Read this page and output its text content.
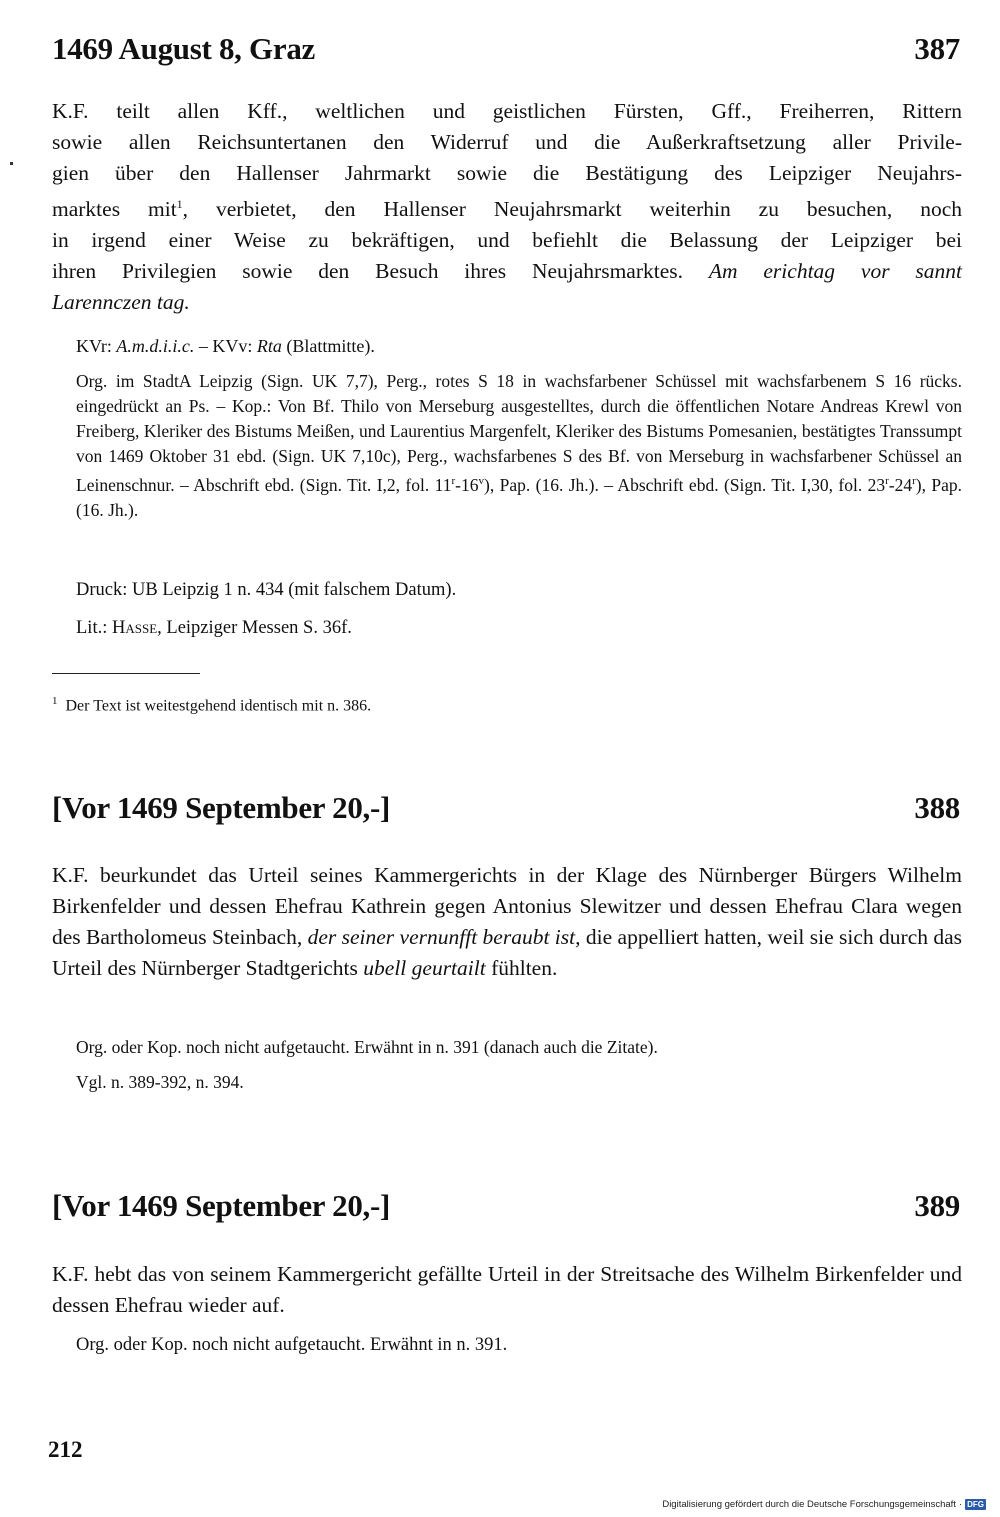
1469 August 8, Graz	387
K.F. teilt allen Kff., weltlichen und geistlichen Fürsten, Gff., Freiherren, Rittern
sowie allen Reichsuntertanen den Widerruf und die Außerkraftsetzung aller Privile-
gien über den Hallenser Jahrmarkt sowie die Bestätigung des Leipziger Neujahrs-
marktes mit$^1$, verbietet, den Hallenser Neujahrsmarkt weiterhin zu besuchen, noch
in irgend einer Weise zu bekräftigen, und befiehlt die Belassung der Leipziger bei
ihren Privilegien sowie den Besuch ihres Neujahrsmarktes. Am erichtag vor sannt
Larennczen tag.
KVr: A.m.d.i.i.c. – KVv: Rta (Blattmitte).
Org. im StadtA Leipzig (Sign. UK 7,7), Perg., rotes S 18 in wachsfarbener Schüssel mit wachsfarbenem S 16 rücks. eingedrückt an Ps. – Kop.: Von Bf. Thilo von Merseburg ausgestelltes, durch die öffentlichen Notare Andreas Krewl von Freiberg, Kleriker des Bistums Meißen, und Laurentius Margenfelt, Kleriker des Bistums Pomesanien, bestätigtes Transsumpt von 1469 Oktober 31 ebd. (Sign. UK 7,10c), Perg., wachsfarbenes S des Bf. von Merseburg in wachsfarbener Schüssel an Leinenschnur. – Abschrift ebd. (Sign. Tit. I,2, fol. 11$^r$-16$^v$), Pap. (16. Jh.). – Abschrift ebd. (Sign. Tit. I,30, fol. 23$^r$-24$^r$), Pap. (16. Jh.).
Druck: UB Leipzig 1 n. 434 (mit falschem Datum).
Lit.: Hasse, Leipziger Messen S. 36f.
$^1$ Der Text ist weitestgehend identisch mit n. 386.
[Vor 1469 September 20,-]	388
K.F. beurkundet das Urteil seines Kammergerichts in der Klage des Nürnberger Bürgers Wilhelm Birkenfelder und dessen Ehefrau Kathrein gegen Antonius Slewitzer und dessen Ehefrau Clara wegen des Bartholomeus Steinbach, der seiner vernunfft beraubt ist, die appelliert hatten, weil sie sich durch das Urteil des Nürnberger Stadtgerichts ubell geurtailt fühlten.
Org. oder Kop. noch nicht aufgetaucht. Erwähnt in n. 391 (danach auch die Zitate).
Vgl. n. 389-392, n. 394.
[Vor 1469 September 20,-]	389
K.F. hebt das von seinem Kammergericht gefällte Urteil in der Streitsache des Wilhelm Birkenfelder und dessen Ehefrau wieder auf.
Org. oder Kop. noch nicht aufgetaucht. Erwähnt in n. 391.
212
Digitalisierung gefördert durch die Deutsche Forschungsgemeinschaft · DFG
